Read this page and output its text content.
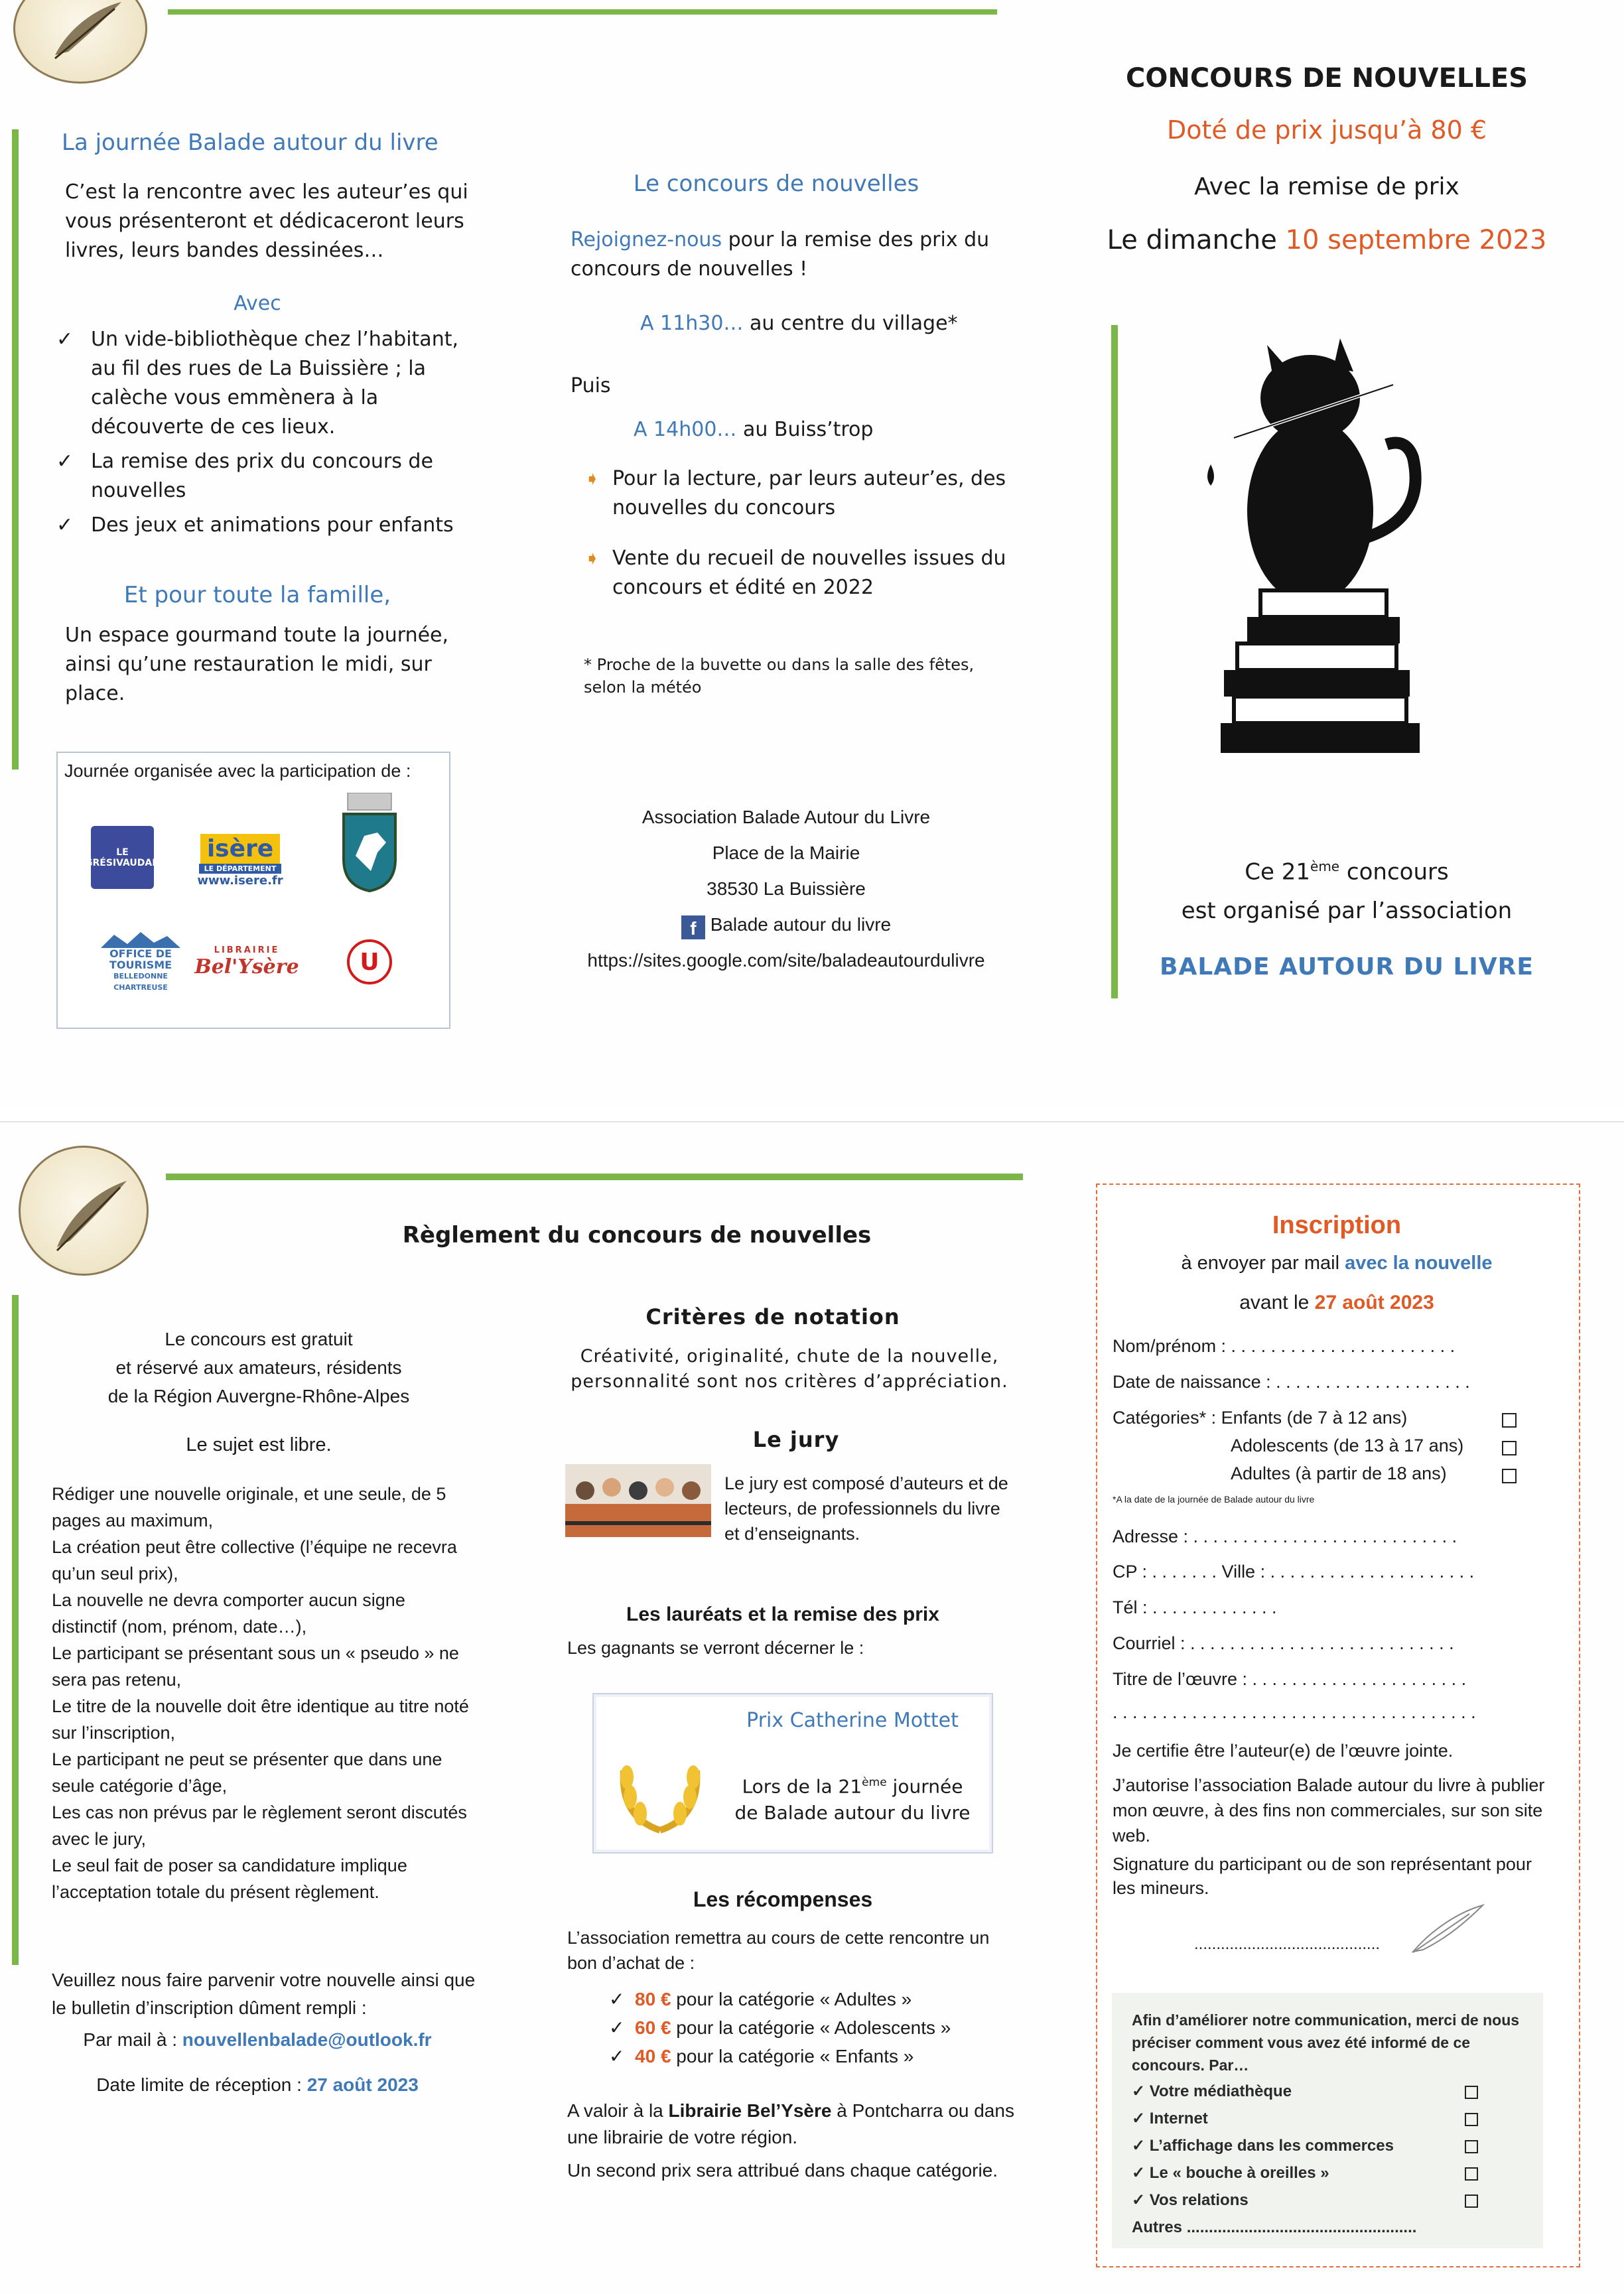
La journée Balade autour du livre
C’est la rencontre avec les auteur’es qui vous présenteront et dédicaceront leurs livres, leurs bandes dessinées…
Avec
✓ Un vide-bibliothèque chez l’habitant, au fil des rues de La Buissière ; la calèche vous emmènera à la découverte de ces lieux.
✓ La remise des prix du concours de nouvelles
✓ Des jeux et animations pour enfants
Et pour toute la famille,
Un espace gourmand toute la journée, ainsi qu’une restauration le midi, sur place.
Journée organisée avec la participation de :
LE GRÉSIVAUDAN
isère
LE DÉPARTEMENT
www.isere.fr
OFFICE DE TOURISME
BELLEDONNE CHARTREUSE
LIBRAIRIE
Bel'Ysère	U
Le concours de nouvelles
Rejoignez-nous pour la remise des prix du concours de nouvelles !
A 11h30… au centre du village*
Puis
A 14h00… au Buiss’trop
➧ Pour la lecture, par leurs auteur’es, des nouvelles du concours
➧ Vente du recueil de nouvelles issues du concours et édité en 2022
* Proche de la buvette ou dans la salle des fêtes, selon la météo
Association Balade Autour du Livre
Place de la Mairie
38530 La Buissière
f Balade autour du livre
https://sites.google.com/site/baladeautourdulivre
CONCOURS DE NOUVELLES
Doté de prix jusqu’à 80 €
Avec la remise de prix
Le dimanche 10 septembre 2023
Ce 21ème concours
est organisé par l’association
BALADE AUTOUR DU LIVRE
Règlement du concours de nouvelles
Le concours est gratuit
et réservé aux amateurs, résidents
de la Région Auvergne-Rhône-Alpes
Le sujet est libre.
Rédiger une nouvelle originale, et une seule, de 5 pages au maximum,
La création peut être collective (l’équipe ne recevra qu’un seul prix),
La nouvelle ne devra comporter aucun signe distinctif (nom, prénom, date…),
Le participant se présentant sous un « pseudo » ne sera pas retenu,
Le titre de la nouvelle doit être identique au titre noté sur l’inscription,
Le participant ne peut se présenter que dans une seule catégorie d’âge,
Les cas non prévus par le règlement seront discutés avec le jury,
Le seul fait de poser sa candidature implique l’acceptation totale du présent règlement.
Veuillez nous faire parvenir votre nouvelle ainsi que le bulletin d’inscription dûment rempli :
Par mail à : nouvellenbalade@outlook.fr
Date limite de réception : 27 août 2023
Critères de notation
Créativité, originalité, chute de la nouvelle, personnalité sont nos critères d’appréciation.
Le jury
Le jury est composé d’auteurs et de lecteurs, de professionnels du livre et d’enseignants.
Les lauréats et la remise des prix
Les gagnants se verront décerner le :
Prix Catherine Mottet
Lors de la 21ème journée
de Balade autour du livre
Les récompenses
L’association remettra au cours de cette rencontre un bon d’achat de :
✓  80 € pour la catégorie « Adultes »
✓  60 € pour la catégorie « Adolescents »
✓  40 € pour la catégorie « Enfants »
A valoir à la Librairie Bel’Ysère à Pontcharra ou dans une librairie de votre région.
Un second prix sera attribué dans chaque catégorie.
Inscription
à envoyer par mail avec la nouvelle
avant le 27 août 2023
Nom/prénom : . . . . . . . . . . . . . . . . . . . . . . .
Date de naissance : . . . . . . . . . . . . . . . . . . . .
Catégories* : Enfants (de 7 à 12 ans)
Adolescents (de 13 à 17 ans)
Adultes (à partir de 18 ans)
*A la date de la journée de Balade autour du livre
Adresse : . . . . . . . . . . . . . . . . . . . . . . . . . . .
CP : . . . . . . . Ville : . . . . . . . . . . . . . . . . . . . . .
Tél : . . . . . . . . . . . . .
Courriel : . . . . . . . . . . . . . . . . . . . . . . . . . . .
Titre de l’œuvre : . . . . . . . . . . . . . . . . . . . . . .
. . . . . . . . . . . . . . . . . . . . . . . . . . . . . . . . . . . . .
Je certifie être l’auteur(e) de l’œuvre jointe.
J’autorise l’association Balade autour du livre à publier mon œuvre, à des fins non commerciales, sur son site web.
Signature du participant ou de son représentant pour les mineurs.
..........................................
Afin d’améliorer notre communication, merci de nous préciser comment vous avez été informé de ce concours. Par…
✓ Votre médiathèque
✓ Internet
✓ L’affichage dans les commerces
✓ Le « bouche à oreilles »
✓ Vos relations
Autres ....................................................
